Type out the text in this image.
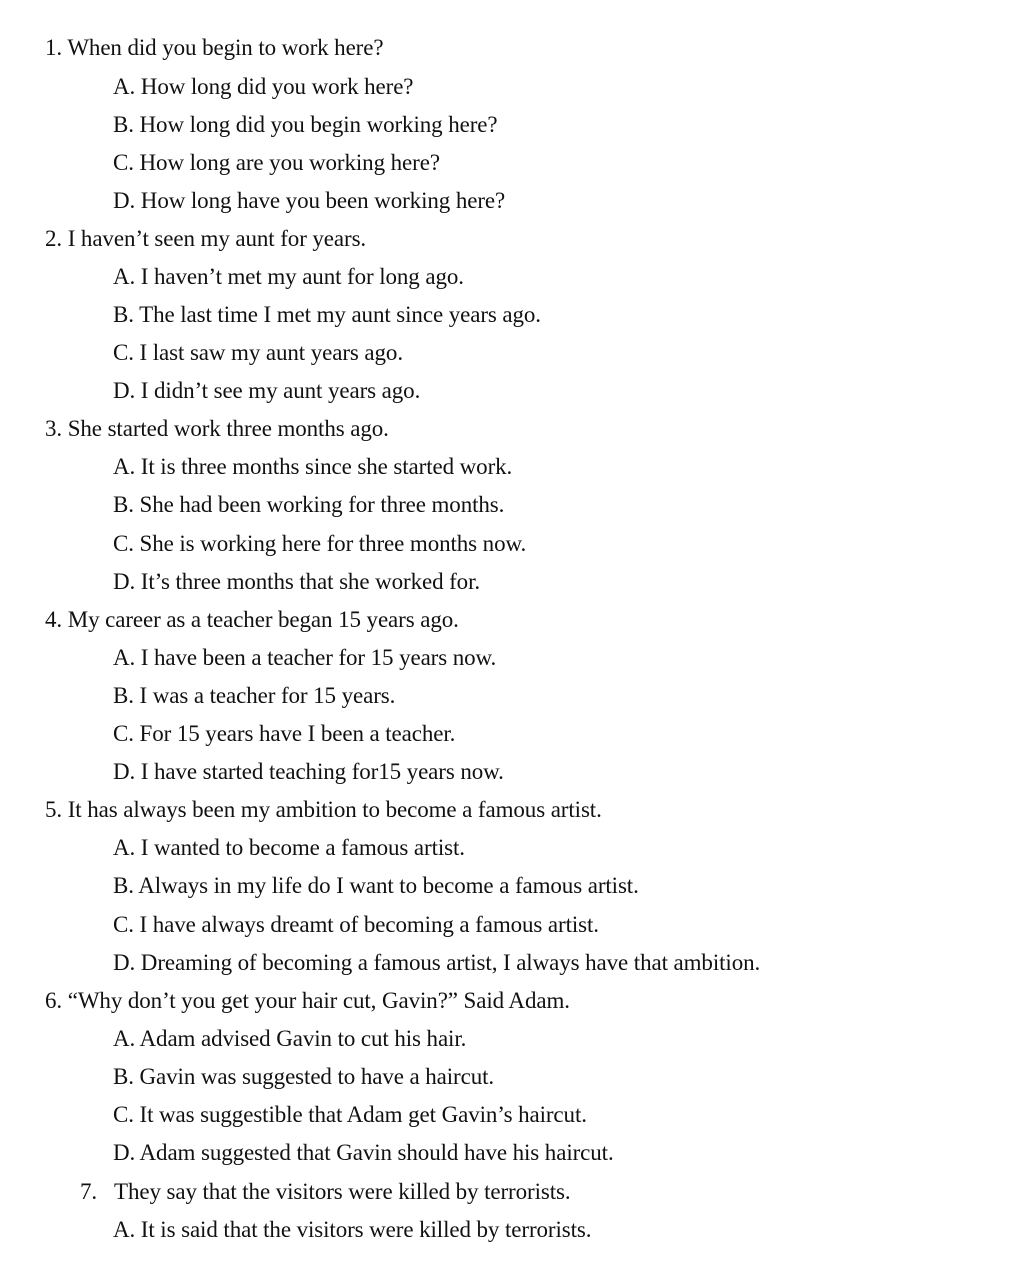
1. When did you begin to work here?
A. How long did you work here?
B. How long did you begin working here?
C. How long are you working here?
D. How long have you been working here?
2. I haven’t seen my aunt for years.
A. I haven’t met my aunt for long ago.
B. The last time I met my aunt since years ago.
C. I last saw my aunt years ago.
D. I didn’t see my aunt years ago.
3. She started work three months ago.
A. It is three months since she started work.
B. She had been working for three months.
C. She is working here for three months now.
D. It’s three months that she worked for.
4. My career as a teacher began 15 years ago.
A. I have been a teacher for 15 years now.
B. I was a teacher for 15 years.
C. For 15 years have I been a teacher.
D. I have started teaching for15 years now.
5. It has always been my ambition to become a famous artist.
A. I wanted to become a famous artist.
B. Always in my life do I want to become a famous artist.
C. I have always dreamt of becoming a famous artist.
D. Dreaming of becoming a famous artist, I always have that ambition.
6. “Why don’t you get your hair cut, Gavin?” Said Adam.
A. Adam advised Gavin to cut his hair.
B. Gavin was suggested to have a haircut.
C. It was suggestible that Adam get Gavin’s haircut.
D. Adam suggested that Gavin should have his haircut.
7. They say that the visitors were killed by terrorists.
A. It is said that the visitors were killed by terrorists.
